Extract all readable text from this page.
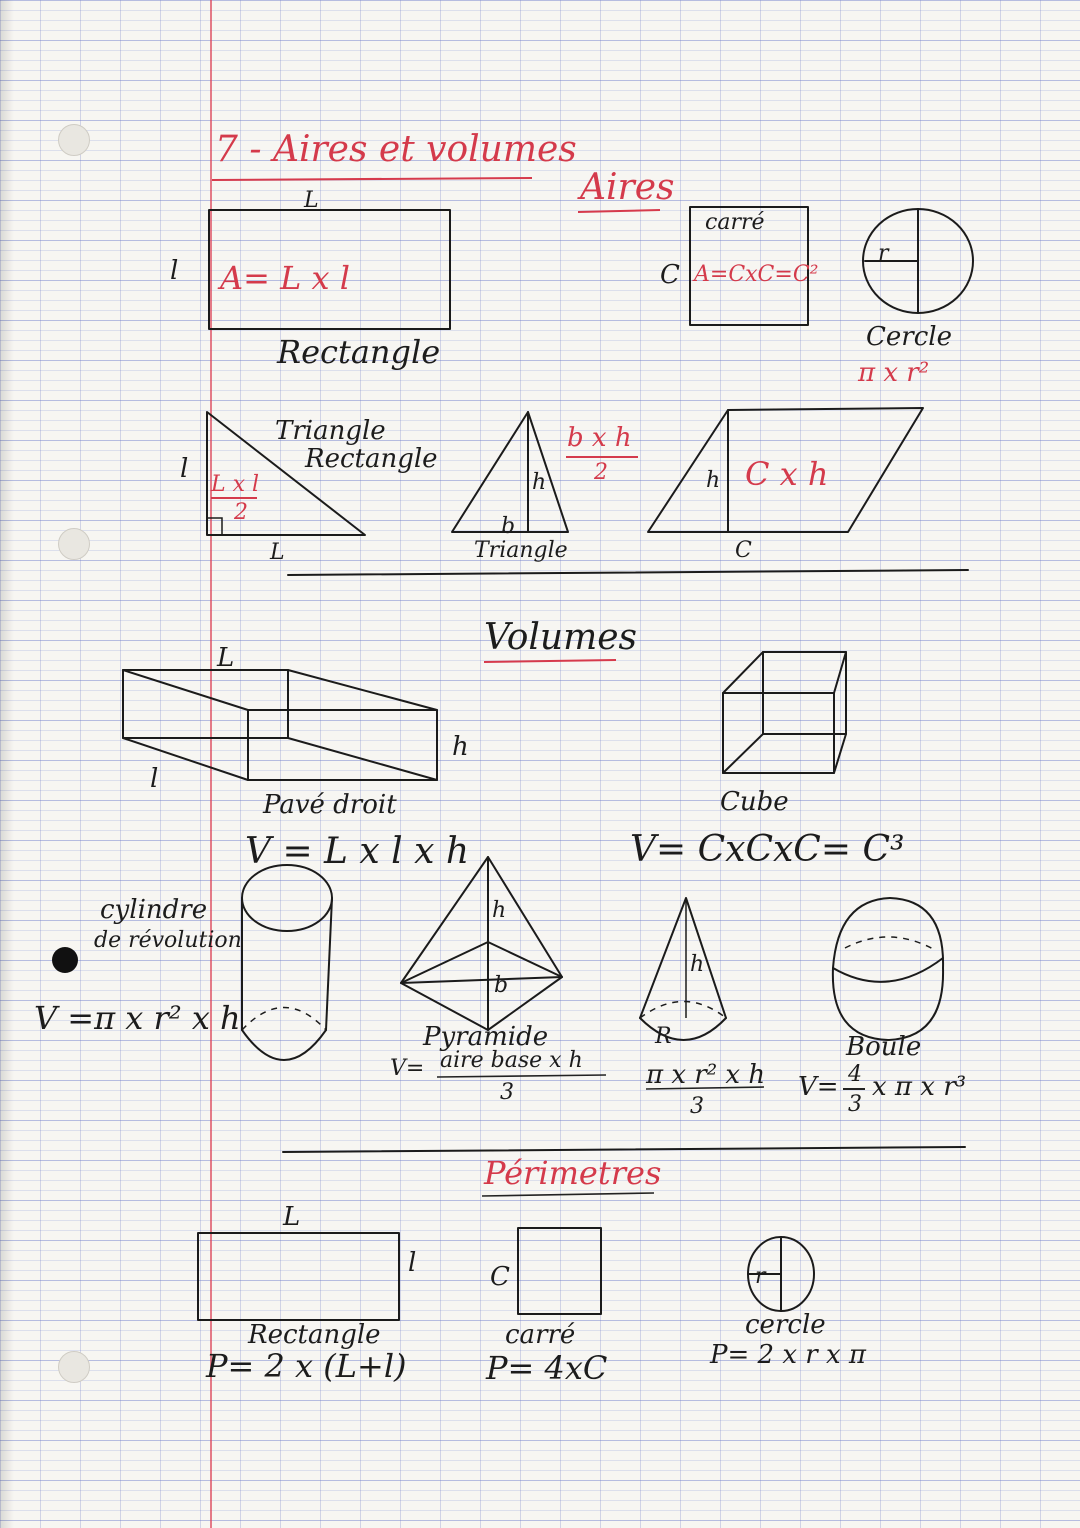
7 - Aires et volumes
Aires
Volumes
Périmetres
L
l A= L x l
Rectangle
carré
C A=CxC=C²
r
Cercle
π x r²
Triangle
Rectangle
l
L x l
2
L
h
b
Triangle
b x h
2	h C x h
C
L
l
h
Pavé droit
V = L x l x h
Cube
V= CxCxC= C³
cylindre
de révolution
V =π x r² x h
h
b
Pyramide
V= aire base x h
3
h
R
π x r² x h
3
Boule
V= 4
3
x π x r³
L
l
Rectangle
P= 2 x (L+l)
C
carré
P= 4xC
r
cercle
P= 2 x r x π
